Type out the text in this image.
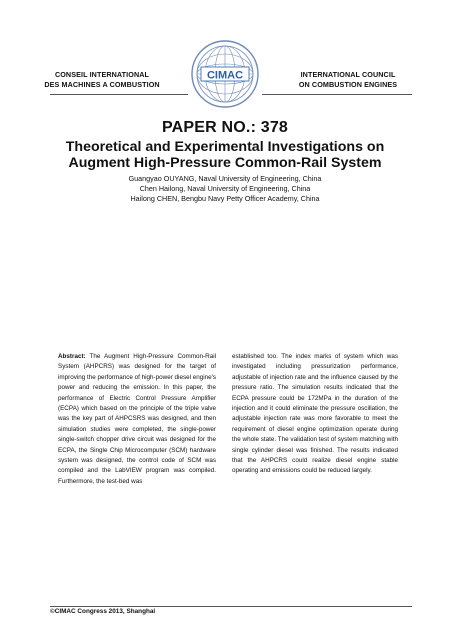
CONSEIL INTERNATIONAL
DES MACHINES A COMBUSTION
CIMAC	INTERNATIONAL COUNCIL
ON COMBUSTION ENGINES
PAPER NO.: 378
Theoretical and Experimental Investigations on
Augment High-Pressure Common-Rail System
Guangyao OUYANG, Naval University of Engineering, China
Chen Hailong, Naval University of Engineering, China
Hailong CHEN, Bengbu Navy Petty Officer Academy, China

Abstract: The Augment High-Pressure Common-Rail System (AHPCRS) was designed for the target of improving the performance of high-power diesel engine's power and reducing the emission. In this paper, the performance of Electric Control Pressure Amplifier (ECPA) which based on the principle of the triple valve was the key part of AHPCSRS was designed, and then simulation studies were completed, the single-power single-switch chopper drive circuit was designed for the ECPA, the Single Chip Microcomputer (SCM) hardware system was designed, the control code of SCM was compiled and the LabVIEW program was compiled. Furthermore, the test-bed was

established too. The index marks of system which was investigated including pressurization performance, adjustable of injection rate and the influence caused by the pressure ratio. The simulation results indicated that the ECPA pressure could be 172MPa in the duration of the injection and it could eliminate the pressure oscillation, the adjustable injection rate was more favorable to meet the requirement of diesel engine optimization operate during the whole state. The validation test of system matching with single cylinder diesel was finished. The results indicated that the AHPCRS could realize diesel engine stable operating and emissions could be reduced largely.

©CIMAC Congress 2013, Shanghai
